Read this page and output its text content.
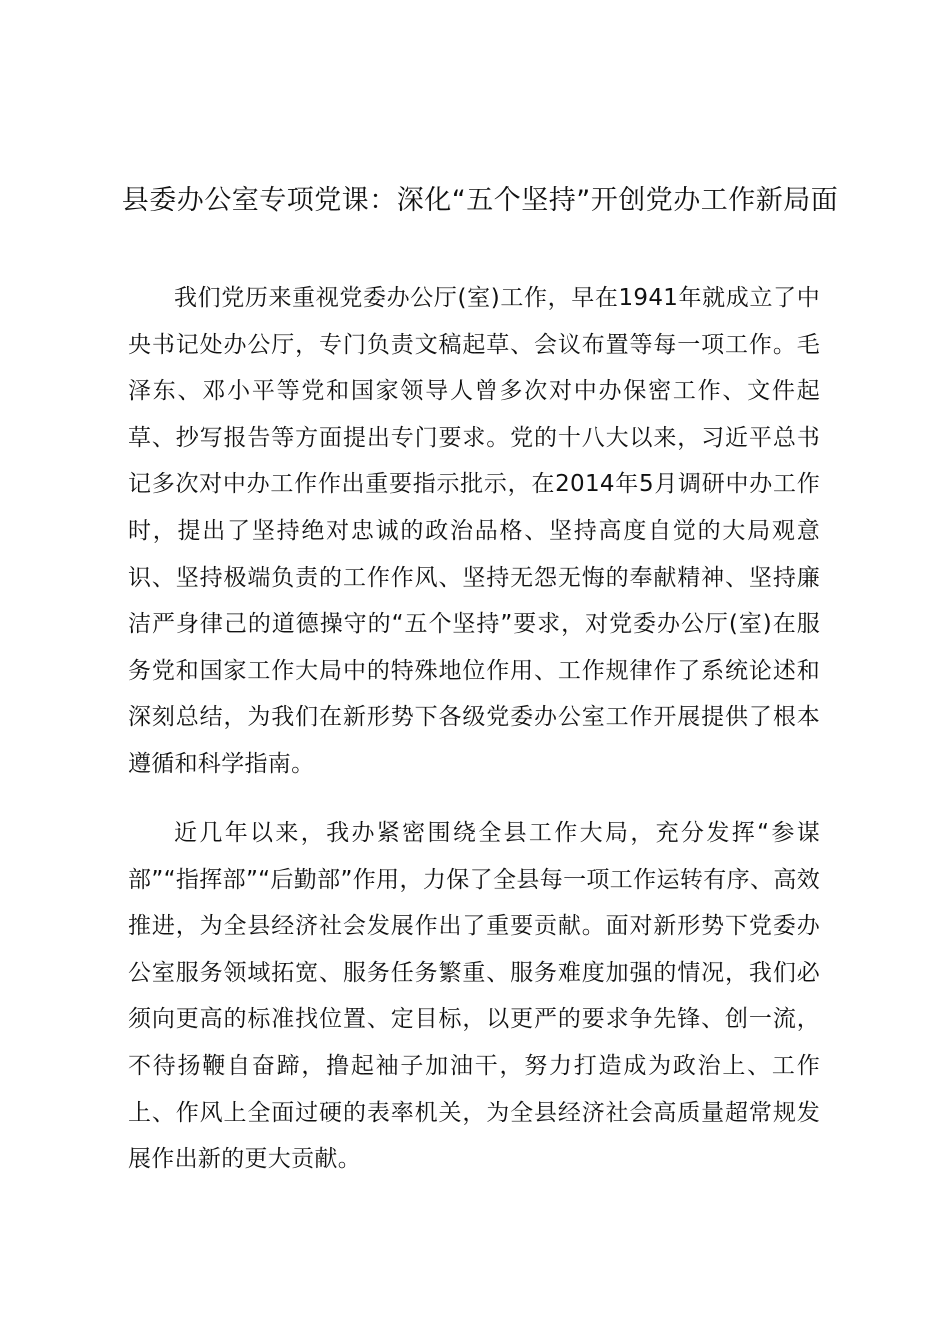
县委办公室专项党课：深化“五个坚持”开创党办工作新局面

我们党历来重视党委办公厅(室)工作，早在1941年就成立了中央书记处办公厅，专门负责文稿起草、会议布置等每一项工作。毛泽东、邓小平等党和国家领导人曾多次对中办保密工作、文件起草、抄写报告等方面提出专门要求。党的十八大以来，习近平总书记多次对中办工作作出重要指示批示，在2014年5月调研中办工作时，提出了坚持绝对忠诚的政治品格、坚持高度自觉的大局观意识、坚持极端负责的工作作风、坚持无怨无悔的奉献精神、坚持廉洁严身律己的道德操守的“五个坚持”要求，对党委办公厅(室)在服务党和国家工作大局中的特殊地位作用、工作规律作了系统论述和深刻总结，为我们在新形势下各级党委办公室工作开展提供了根本遵循和科学指南。

近几年以来，我办紧密围绕全县工作大局，充分发挥“参谋部”“指挥部”“后勤部”作用，力保了全县每一项工作运转有序、高效推进，为全县经济社会发展作出了重要贡献。面对新形势下党委办公室服务领域拓宽、服务任务繁重、服务难度加强的情况，我们必须向更高的标准找位置、定目标，以更严的要求争先锋、创一流，不待扬鞭自奋蹄，撸起袖子加油干，努力打造成为政治上、工作上、作风上全面过硬的表率机关，为全县经济社会高质量超常规发展作出新的更大贡献。
